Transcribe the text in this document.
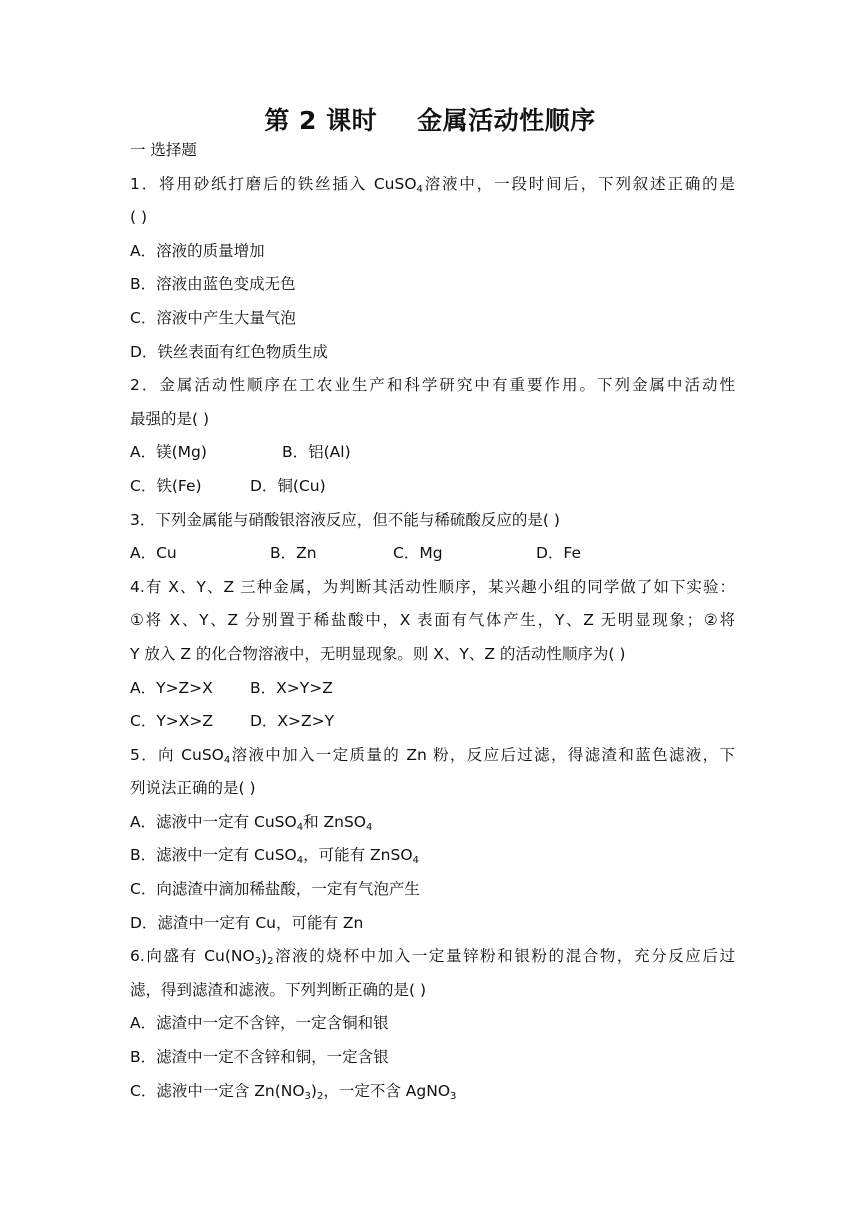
第 2 课时 金属活动性顺序
一 选择题
1．将用砂纸打磨后的铁丝插入 CuSO$_4$溶液中，一段时间后，下列叙述正确的是
( )
A．溶液的质量增加
B．溶液由蓝色变成无色
C．溶液中产生大量气泡
D．铁丝表面有红色物质生成
2．金属活动性顺序在工农业生产和科学研究中有重要作用。下列金属中活动性
最强的是( )
A．镁(Mg)	B．铝(Al)
C．铁(Fe)	D．铜(Cu)
3．下列金属能与硝酸银溶液反应，但不能与稀硫酸反应的是( )
A．Cu	B．Zn	C．Mg	D．Fe
4.有 X、Y、Z 三种金属，为判断其活动性顺序，某兴趣小组的同学做了如下实验：
①将 X、Y、Z 分别置于稀盐酸中，X 表面有气体产生，Y、Z 无明显现象；②将
Y 放入 Z 的化合物溶液中，无明显现象。则 X、Y、Z 的活动性顺序为( )
A．Y>Z>X B．X>Y>Z
C．Y>X>Z D．X>Z>Y
5．向 CuSO$_4$溶液中加入一定质量的 Zn 粉，反应后过滤，得滤渣和蓝色滤液，下
列说法正确的是( )
A．滤液中一定有 CuSO$_4$和 ZnSO$_4$
B．滤液中一定有 CuSO$_4$，可能有 ZnSO$_4$
C．向滤渣中滴加稀盐酸，一定有气泡产生
D．滤渣中一定有 Cu，可能有 Zn
6.向盛有 $Cu(NO_3)_2$溶液的烧杯中加入一定量锌粉和银粉的混合物，充分反应后过
滤，得到滤渣和滤液。下列判断正确的是( )
A．滤渣中一定不含锌，一定含铜和银
B．滤渣中一定不含锌和铜，一定含银
C．滤液中一定含 $Zn(NO_3)_2$，一定不含 AgNO$_3$
